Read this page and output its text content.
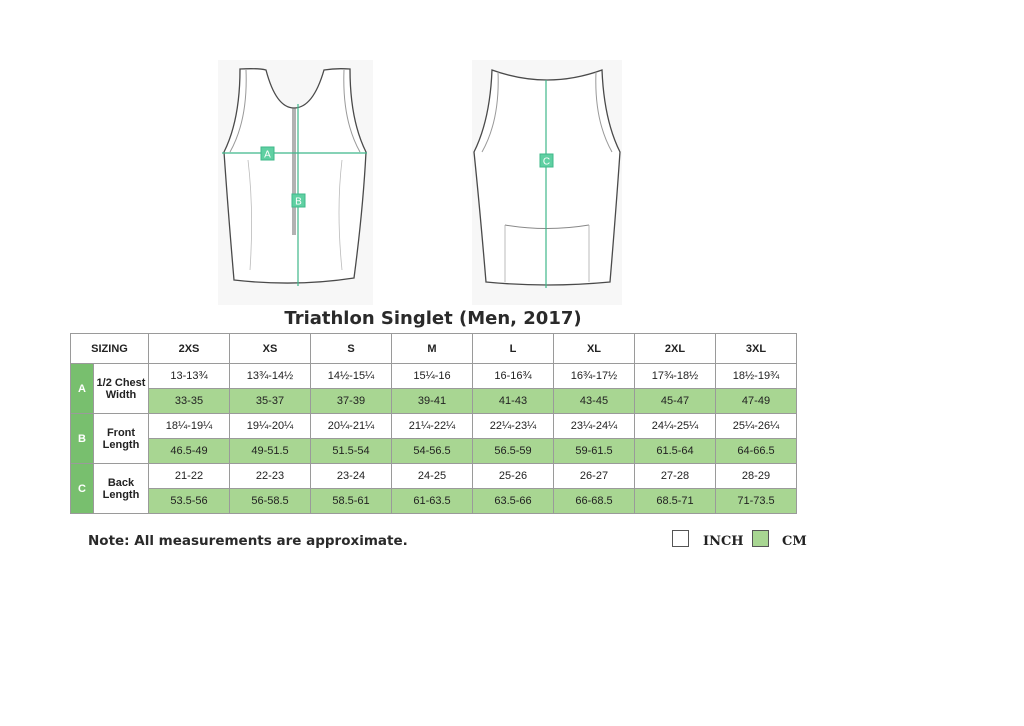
A
B
C
Triathlon Singlet (Men, 2017)
SIZING		2XS	XS	S	M	L	XL	2XL	3XL
A	1/2 Chest Width	13-13¾	13¾-14½	14½-15¼	15¼-16	16-16¾	16¾-17½	17¾-18½	18½-19¾
		33-35	35-37	37-39	39-41	41-43	43-45	45-47	47-49
B	Front Length	18¼-19¼	19¼-20¼	20¼-21¼	21¼-22¼	22¼-23¼	23¼-24¼	24¼-25¼	25¼-26¼
		46.5-49	49-51.5	51.5-54	54-56.5	56.5-59	59-61.5	61.5-64	64-66.5
C	Back Length	21-22	22-23	23-24	24-25	25-26	26-27	27-28	28-29
		53.5-56	56-58.5	58.5-61	61-63.5	63.5-66	66-68.5	68.5-71	71-73.5
Note: All measurements are approximate.	INCH	CM
